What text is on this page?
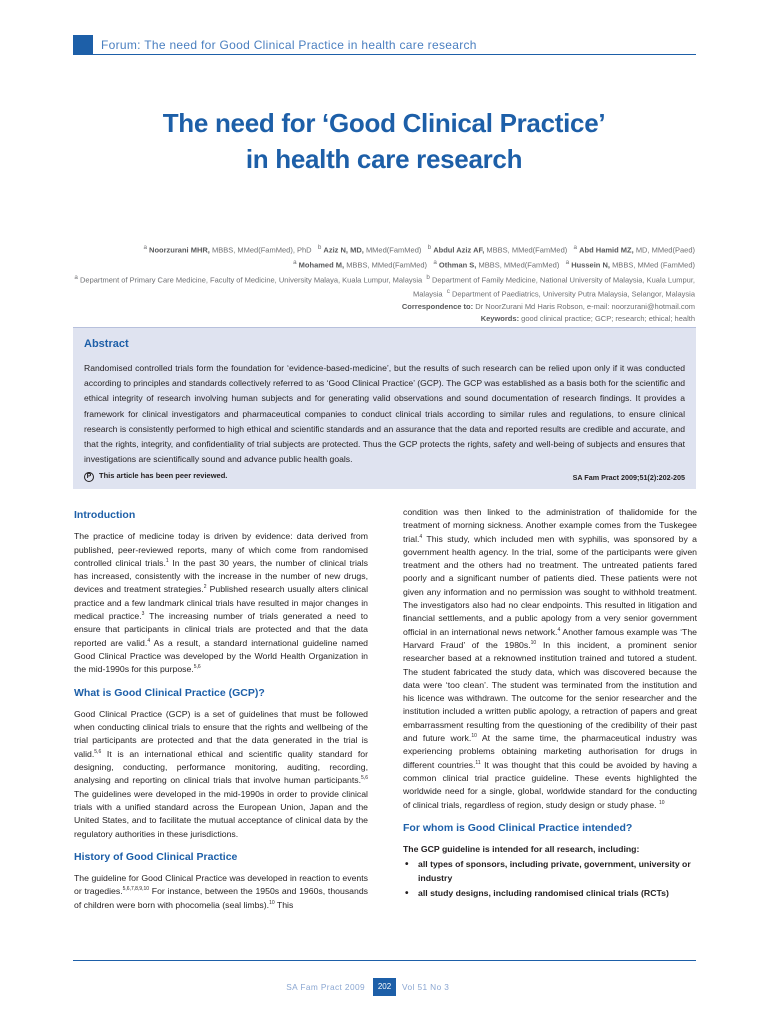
Forum: The need for Good Clinical Practice in health care research
The need for ‘Good Clinical Practice’
in health care research
$^a$ Noorzurani MHR, MBBS, MMed(FamMed), PhD $^b$ Aziz N, MD, MMed(FamMed) $^b$ Abdul Aziz AF, MBBS, MMed(FamMed) $^a$ Abd Hamid MZ, MD, MMed(Paed)
$^a$ Mohamed M, MBBS, MMed(FamMed) $^a$ Othman S, MBBS, MMed(FamMed) $^a$ Hussein N, MBBS, MMed (FamMed)
$^a$ Department of Primary Care Medicine, Faculty of Medicine, University Malaya, Kuala Lumpur, Malaysia $^b$ Department of Family Medicine, National University of Malaysia, Kuala Lumpur,
Malaysia $^c$ Department of Paediatrics, University Putra Malaysia, Selangor, Malaysia
Correspondence to: Dr NoorZurani Md Haris Robson, e-mail: noorzurani@hotmail.com
Keywords: good clinical practice; GCP; research; ethical; health
Abstract

Randomised controlled trials form the foundation for ‘evidence-based-medicine’, but the results of such research can be relied upon only if it was conducted according to principles and standards collectively referred to as ‘Good Clinical Practice’ (GCP). The GCP was established as a basis both for the scientific and ethical integrity of research involving human subjects and for generating valid observations and sound documentation of research findings. It provides a framework for clinical investigators and pharmaceutical companies to conduct clinical trials according to similar rules and regulations, to ensure clinical research is consistently performed to high ethical and scientific standards and an assurance that the data and reported results are credible and accurate, and that the rights, integrity, and confidentiality of trial subjects are protected. Thus the GCP protects the rights, safety and well-being of subjects and ensures that investigations are scientifically sound and advance public health goals.

P This article has been peer reviewed.	SA Fam Pract 2009;51(2):202-205
Introduction

The practice of medicine today is driven by evidence: data derived from published, peer-reviewed reports, many of which come from randomised controlled clinical trials.$^1$ In the past 30 years, the number of clinical trials has increased, consistently with the increase in the number of new drugs, devices and treatment strategies.$^2$ Published research usually alters clinical practice and a few landmark clinical trials have resulted in major changes in medical practice.$^3$ The increasing number of trials generated a need to ensure that participants in clinical trials are protected and that the data reported are valid.$^4$ As a result, a standard international guideline named Good Clinical Practice was developed by the World Health Organization in the mid-1990s for this purpose.$^{5,6}$

What is Good Clinical Practice (GCP)?

Good Clinical Practice (GCP) is a set of guidelines that must be followed when conducting clinical trials to ensure that the rights and wellbeing of the trial participants are protected and that the data generated in the trial is valid.$^{5,6}$ It is an international ethical and scientific quality standard for designing, conducting, performance monitoring, auditing, recording, analysing and reporting on clinical trials that involve human participants.$^{5,6}$ The guidelines were developed in the mid-1990s in order to provide clinical trials with a unified standard across the European Union, Japan and the United States, and to facilitate the mutual acceptance of clinical data by the regulatory authorities in these jurisdictions.

History of Good Clinical Practice

The guideline for Good Clinical Practice was developed in reaction to events or tragedies.$^{5,6,7,8,9,10}$ For instance, between the 1950s and 1960s, thousands of children were born with phocomelia (seal limbs).$^{10}$ This

condition was then linked to the administration of thalidomide for the treatment of morning sickness. Another example comes from the Tuskegee trial.$^4$ This study, which included men with syphilis, was sponsored by a government health agency. In the trial, some of the participants were given treatment and the others had no treatment. The untreated patients fared poorly and a significant number of patients died. These patients were not given any information and no permission was sought to withhold treatment. The investigators also had no clear endpoints. This resulted in litigation and financial settlements, and a public apology from a very senior government official in an international news network.$^4$ Another famous example was ‘The Harvard Fraud’ of the 1980s.$^{10}$ In this incident, a prominent senior researcher based at a reknowned institution trained and tutored a student. The student fabricated the study data, which was discovered because the data were ‘too clean’. The student was terminated from the institution and his licence was withdrawn. The outcome for the senior researcher and the institution included a written public apology, a retraction of papers and great embarrassment resulting from the questioning of the credibility of their past and future work.$^{10}$ At the same time, the pharmaceutical industry was experiencing problems obtaining marketing authorisation for drugs in different countries.$^{11}$ It was thought that this could be avoided by having a common clinical trial practice guideline. These events highlighted the worldwide need for a single, global, worldwide standard for the conducting of clinical trials, regardless of region, study design or study phase. $^{10}$

For whom is Good Clinical Practice intended?

The GCP guideline is intended for all research, including:

• all types of sponsors, including private, government, university or industry
• all study designs, including randomised clinical trials (RCTs)
SA Fam Pract 2009	202	Vol 51 No 3
